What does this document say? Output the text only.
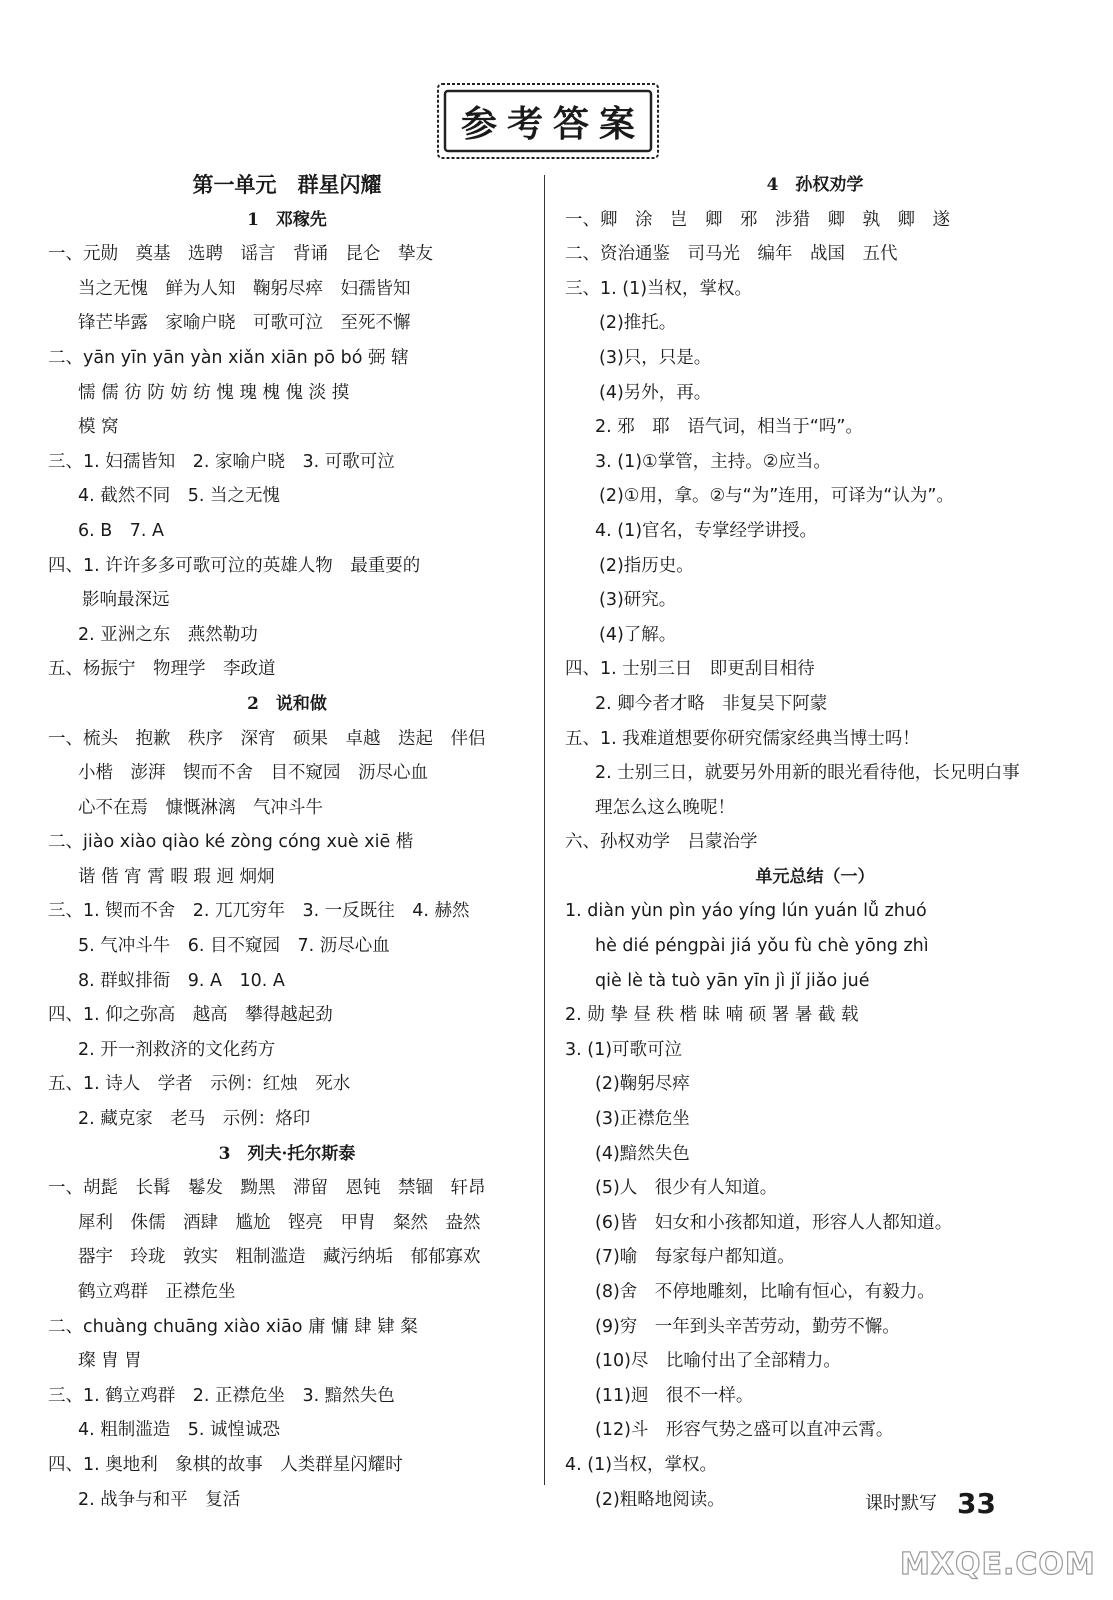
参考答案
第一单元　群星闪耀
1　邓稼先
一、元勋　奠基　选聘　谣言　背诵　昆仑　挚友
当之无愧　鲜为人知　鞠躬尽瘁　妇孺皆知
锋芒毕露　家喻户晓　可歌可泣　至死不懈
二、yān yīn yān yàn xiǎn xiān pō bó 弼 辖
懦 儒 彷 防 妨 纺 愧 瑰 槐 傀 淡 摸
模 窝
三、1. 妇孺皆知　2. 家喻户晓　3. 可歌可泣
4. 截然不同　5. 当之无愧
6. B　7. A
四、1. 许许多多可歌可泣的英雄人物　最重要的
影响最深远
2. 亚洲之东　燕然勒功
五、杨振宁　物理学　李政道
2　说和做
一、梳头　抱歉　秩序　深宵　硕果　卓越　迭起　伴侣
小楷　澎湃　锲而不舍　目不窥园　沥尽心血
心不在焉　慷慨淋漓　气冲斗牛
二、jiào xiào qiào ké zòng cóng xuè xiē 楷
谐 偕 宵 霄 暇 瑕 迥 炯炯
三、1. 锲而不舍　2. 兀兀穷年　3. 一反既往　4. 赫然
5. 气冲斗牛　6. 目不窥园　7. 沥尽心血
8. 群蚁排衙　9. A　10. A
四、1. 仰之弥高　越高　攀得越起劲
2. 开一剂救济的文化药方
五、1. 诗人　学者　示例：红烛　死水
2. 藏克家　老马　示例：烙印
3　列夫·托尔斯泰
一、胡髭　长髯　鬈发　黝黑　滞留　恩钝　禁锢　轩昂
犀利　侏儒　酒肆　尴尬　铿亮　甲胄　粲然　盎然
器宇　玲珑　敦实　粗制滥造　藏污纳垢　郁郁寡欢
鹤立鸡群　正襟危坐
二、chuàng chuāng xiào xiāo 庸 慵 肆 肄 粲
璨 胄 胃
三、1. 鹤立鸡群　2. 正襟危坐　3. 黯然失色
4. 粗制滥造　5. 诚惶诚恐
四、1. 奥地利　象棋的故事　人类群星闪耀时
2. 战争与和平　复活
4　孙权劝学
一、卿　涂　岂　卿　邪　涉猎　卿　孰　卿　遂
二、资治通鉴　司马光　编年　战国　五代
三、1. (1)当权，掌权。
(2)推托。
(3)只，只是。
(4)另外，再。
2. 邪　耶　语气词，相当于“吗”。
3. (1)①掌管，主持。②应当。
(2)①用，拿。②与“为”连用，可译为“认为”。
4. (1)官名，专掌经学讲授。
(2)指历史。
(3)研究。
(4)了解。
四、1. 士别三日　即更刮目相待
2. 卿今者才略　非复吴下阿蒙
五、1. 我难道想要你研究儒家经典当博士吗！
2. 士别三日，就要另外用新的眼光看待他，长兄明白事
理怎么这么晚呢！
六、孙权劝学　吕蒙治学
单元总结（一）
1. diàn yùn pìn yáo yíng lún yuán lǚ zhuó
hè dié péngpài jiá yǒu fù chè yōng zhì
qiè lè tà tuò yān yīn jì jǐ jiǎo jué
2. 勋 挚 昼 秩 楷 昧 喃 硕 署 暑 截 载
3. (1)可歌可泣
(2)鞠躬尽瘁
(3)正襟危坐
(4)黯然失色
(5)人　很少有人知道。
(6)皆　妇女和小孩都知道，形容人人都知道。
(7)喻　每家每户都知道。
(8)舍　不停地雕刻，比喻有恒心，有毅力。
(9)穷　一年到头辛苦劳动，勤劳不懈。
(10)尽　比喻付出了全部精力。
(11)迥　很不一样。
(12)斗　形容气势之盛可以直冲云霄。
4. (1)当权，掌权。
(2)粗略地阅读。	课时默写 33
MXQE.COM
